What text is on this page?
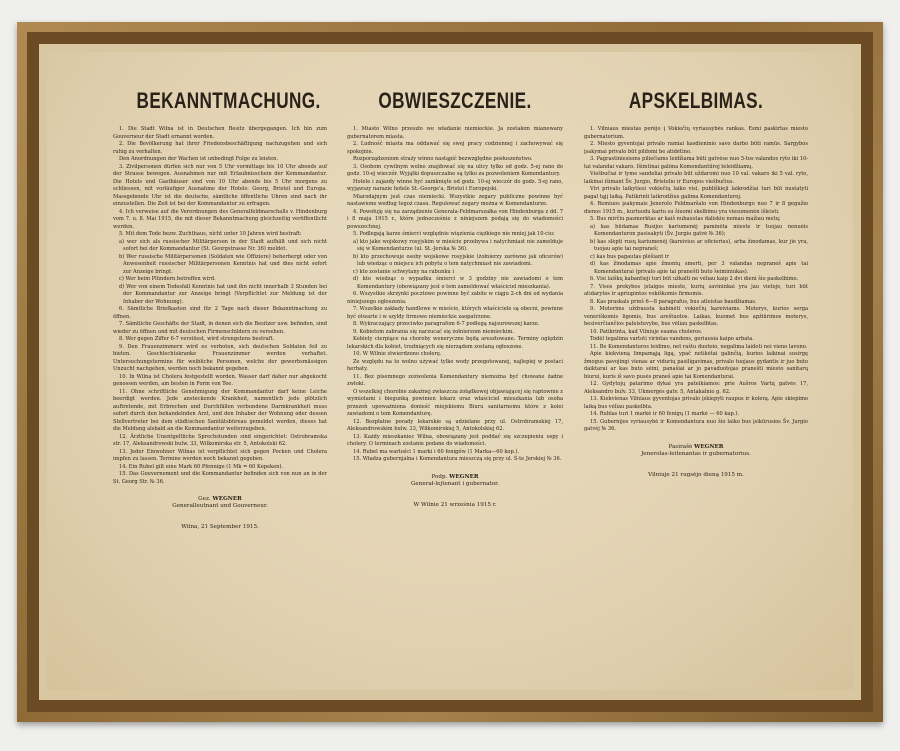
BEKANNTMACHUNG.

1. Die Stadt Wilna ist in Deutschen Besitz übergegangen. Ich bin zum Gouverneur der Stadt ernannt worden.

2. Die Bevölkerung hat ihrer Friedensbeschäftigung nachzugehen und sich ruhig zu verhalten.

Den Anordnungen der Wachen ist unbedingt Folge zu leisten.

3. Zivilpersonen dürfen sich nur von 5 Uhr vormittags bis 10 Uhr abends auf der Strasse bewegen. Ausnahmen nur mit Erlaubnisschein der Kommandantur. Die Hotels und Gasthäuser sind von 10 Uhr abends bis 5 Uhr morgens zu schliessen, mit vorläufiger Ausnahme der Hotels: Georg, Bristol und Europa. Massgebende Uhr ist die deutsche, sämtliche öffentliche Uhren sind nach ihr einzustellen. Die Zeit ist bei der Kommandantur zu erfragen.

4. Ich verweise auf die Verordnungen des Generalfeldmarschalls v. Hindenburg vom 7. u. 8. Mai 1915, die mit dieser Bekanntmachung gleichzeitig veröffentlicht werden.

5. Mit dem Tode bezw. Zuchthaus, nicht unter 10 Jahren wird bestraft:

a) wer sich als russischer Militärperson in der Stadt aufhält und sich nicht sofort bei der Kommandantur (St. Georgstrasse Nr. 36) meldet.

b) Wer russische Militärpersonen (Soldaten wie Offiziere) beherbergt oder von Anwesenheit russischer Militärpersonen Kenntnis hat und dies nicht sofort zur Anzeige bringt.

c) Wer beim Plündern betroffen wird.

d) Wer von einem Todesfall Kenntnis hat und ihn nicht innerhalb 3 Stunden bei der Kommandantur zur Anzeige bringt (Verpflichtet zur Meldung ist der Inhaber der Wohnung).

6. Sämtliche Briefkasten sind für 2 Tage nach dieser Bekanntmachung zu öffnen.

7. Sämtliche Geschäfte der Stadt, in denen sich die Besitzer usw. befinden, sind wieder zu öffnen und mit deutschen Firmenschildern zu versehen.

8. Wer gegen Ziffer 6-7 verstösst, wird strengstens bestraft.

9. Den Frauenzimmern wird es verboten, sich deutschen Soldaten feil zu bieten. Geschlechtskranke Frauenzimmer werden verhaftet. Untersuchungstermine für weibliche Personen, welche der gewerbsmässigen Unzucht nachgehen, werden noch bekannt gegeben.

10. In Wilna ist Cholera festgestellt worden. Wasser darf daher nur abgekocht genossen werden, am besten in Form von Tee.

11. Ohne schriftliche Genehmigung der Kommandantur darf keine Leiche beerdigt werden. Jede ansteckende Krankheit, namentlich jede plötzlich auftretende, mit Erbrechen und Durchfällen verbundene Darmkrankheit muss sofort durch den behandelnden Arzt, und den Inhaber der Wohnung oder dessen Stellvertreter bei dem städtischen Sanitätsbüreau gemeldet werden, dieses hat die Meldung alsbald an die Kommandantur weiterzugeben.

12. Ärztliche Unentgeltliche Sprechstunden sind eingerichtet: Ostrobramska str. 17, Aleksandrowski bulw. 33, Wilkomirska str. 5, Antokolski 62.

13. Jeder Einwohner Wilnas ist verpflichtet sich gegen Pocken und Cholera impfen zu lassen. Termine werden noch bekannt gegeben.

14. Ein Rubel gilt eine Mark 60 Pfennige (1 Mk = 60 Kopeken).

15. Das Gouvernement und die Kommandantur befinden sich von nun an in der St. Georg Str. № 36.

Gez. WEGNER
Generalleutnant und Gouverneur.
Wilna, 21 September 1915.
OBWIESZCZENIE.

1. Miasto Wilno przeszło we władanie niemieckie. Ja zostałem mianowany gubernatorem miasta.

2. Ludność miasta ma oddawać się swej pracy codziennej i zachowywać się spokojnie.

Rozporządzeniom straży winno nastąpić bezwzględne posłuszeństwo.

3. Osobom cywilnym wolno znajdować się na ulicy tylko od godz. 5-ej rano do godz. 10-ej wieczór. Wyjątki dopuszczalne są tylko za pozwoleniem Komendantury.

Hotele i zajazdy winne być zamknięte od godz. 10-ej wieczór do godz. 5-ej rano, wyjąwszy narazie hotele St.-George'a, Bristol i Europejski.

Miarodajnym jest czas niemiecki. Wszystkie zegary publiczne powinne być nastawione według tegoż czasu. Regulować zegary można w Komendanturze.

4. Powołuję się na zarządzenie Generała-Feldmarszałka von Hindenburga z dd. 7 i 8 maja 1915 r., które jednocześnie z niniejszem podają się do wiadomości powszechnej.

5. Podlegają karze śmierci względnie więzienia ciężkiego nie mniej jak 10-ciu:

a) kto jako wojskowy rosyjskim w mieście przebywa i natychmiast nie zamelduje się w Komendanturze (ul. St.-Jerska № 36).

b) kto przechowuje osoby wojskowe rosyjskie (żołnierzy zarówno jak oficerów) lub wiedząc o miejscu ich pobytu o tem natychmiast nie zawiadomi.

c) kto zostanie schwytany na rabunku i

d) kto wiedząc o wypadku śmierci w 3 godziny nie zawiadomi o tem Komendantury (obowiązany jest o tem zameldować właściciel mieszkania).

6. Wszystkie skrzynki pocztowe powinne być zabite w ciągu 2-ch dni od wydania niniejszego ogłoszenia.

7. Wszelkie zakłady handlowe w mieście, których właściciele są obecni, powinne być otwarte i w szyldy firmowe niemieckie zaopatrzone.

8. Wykraczający przeciwko paragrafom 6-7 podlegą najsurowszej karze.

9. Kobietom zabrania się narzucać się żołnierzom niemieckim.

Kobiety cierpiące na choroby weneryczne będą aresztowane. Terminy oględzin lekarskich dla kobiet, trudniących się nierządem zostaną ogłoszone.

10. W Wilnie stwierdzono cholerę.

Ze względu na to wolno używać tylko wody przegotowanej, najlepiej w postaci herbaty.

11. Bez pisemnego zezwolenia Komendantury niemożna być chowane żadne zwłoki.

O wszelkiej chorobie zakaźnej zwłaszcza żołądkowej objawiającej się raptownie z wymiotami i biegunką powinien lekarz oraz właściciel mieszkania lub osoba przezeń upoważniona donieść miejskiemu Biuru sanitarnemu które z kolei zawiadomi o tem Komendanturę.

12. Bezpłatne porady lekarskie są udzielane przy ul. Ostrobramskiej 17, Aleksandrowskim bulw. 33, Wiłkomirskiej 5, Antokolskiej 62.

13. Każdy mieszkaniec Wilna, obowiązany jest poddać się szczepieniu ospy i cholery. O terminach zostanie podane do wiadomości.

14. Rubel ma wartości 1 marki i 60 fenigów (1 Marka—60 kop.).

15. Władza gubernjalna i Komendantura mieszczą się przy ul. Ś-te Jerskiej № 36.

Podp. WEGNER
Generał-lejtenant i gubernator.
W Wilnie 21 września 1915 r.
APSKELBIMAS.

1. Vilniaus miestas perėjo į Vokiečių vyriausybės rankas. Esmi paskirtas miesto gubernatorium.

2. Miesto gyventojai privalo ramiai kasdieninio savo darbo būti ramūs. Sargybos įsakymai privalo būt pildomi be atidėtino.

3. Pagrastiniesiems piliečiams leidžiama būti gatvėse nuo 5-tos valandos ryto iki 10-tai valandai vakaro. Išimtinai galima Komendantūroj teleidžiamų.

Viešbučiai ir tyme sandeliai privalo būt uždaromi nuo 10 val. vakaro iki 5 val. ryto, laikinai išimant Šv. Jurgio, Bristolio ir Europos viešbučius.

Viri privalo laikytiesi vokiečių laiko visi, publiškieji laikrodžiai turi būt nustatyti pagal tąjį laiką. Patikrinti laikrodžius galima Komendanturoj.

4. Remiuos įsakymais Jenerolo Feldmaršalo von Hindenburgo nuo 7 ir 8 gegužio dienos 1915 m., kurtuodu kartu su šiuomi skelbimu yra viesumenėn išleisti.

5. Bus mirčiu pasmerktas ar kaiš nubaustas daliskiu nemau mažiau metų:

a) kas būdamas Rusijos kariumenėj paminėta mieste ir tuojau nenuėis Komendanturon pasisakyti (Šv. Jurgio gatvė № 36);

b) kas slėpti rusų kariumenėj (kareivius ar oficierius), arba žinodamas, kur jie yra, tuojau apie tai nepraneš;

c) kas bus pagautas plėšiant ir

d) kas žinodamas apie žmonių smerti, per 3 valandas nepraneš apie tai Komendanturai (privalo apie tai pranešti buto šeiminiukas).

6. Visi laiškų kabantieji turi būt užkalti ne vėliau kaip 2 dvi dieni šio paskelbimo.

7. Visos prekybos įstaigos mieste, kurių savininkai yra jau vietoje, turi būt atidarytos ir apriupintos vokiškomis firmomis.

8. Kas praskals prieš 6—8 paragrafus, bus atleistas baudžiamas.

9. Moterims uždrausta kabinėti vokiečių kareiviams. Moterys, kurios serga veneriškomis ligomis, bus areštuotos. Laikas, kuomet bus apžiūrimos moterys, besiverčiančios paleistuvybe, bus vėliau paskelbtas.

10. Patikrinta, kad Vilniuje esama choleros.

Todėl tegalima vartoti virintas vandens, geriausia kaipo arbata.

11. Be Komendanturos leidimo, net raštu duotoio, negalima laidoti nei vieno lavono.

Apie kiekvieną limpamąją ligą, ypač netikėtai galinčią, kurios laikinai susirgę žmogus pavojingi vienas ar vidurių pasiligavimas, privalo tuojaus gydantis ir juo buto daiktarai ar kas buto sėini, panašiai ar jo pavaduotojas pranešti miesto sanitarų biurui, kuris iš savo pusės praneš apie tai Komendanturai.

12. Gydytojų patarimo dykai yra pateikiamos: prie Aušros Vartų gatvės 17, Aleksandro bulv. 33, Ukmergės gatv. 5, Antakalnio g. 62.

13. Kiekvienas Vilniaus gyventojas privalo įskiepyti raupus ir kolerą. Apie skiepimo laiką bus vėliau paskelbta.

14. Rublas turi 1 markė ir 60 fenigų (1 markė — 60 kap.).

15. Gubernijos vyriausybė ir Komendantura nuo šio laiko bus įsikūrusios Šv. Jurgio gatvėj № 36.

Pasirašė WEGNER
Jenerolas-leitenantas ir gubernatorius.
Vilniuje 21 rugsėjo dieną 1915 m.
